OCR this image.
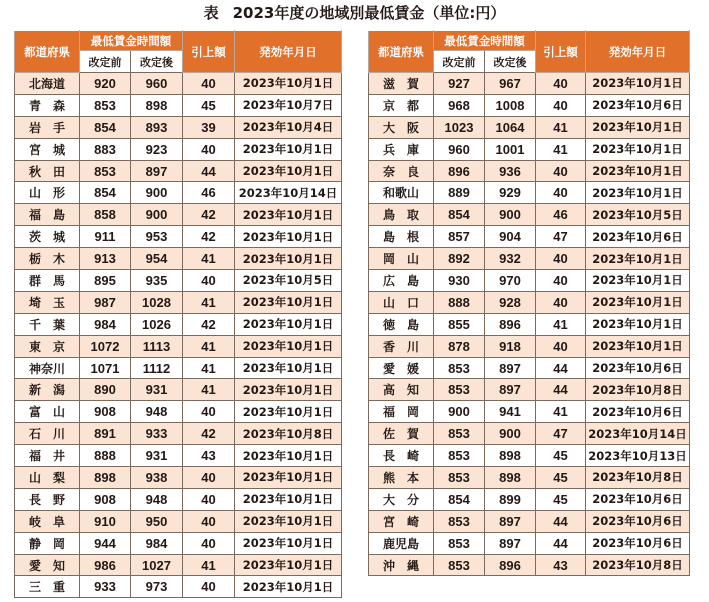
表 2023年度の地域別最低賃金（単位:円）
都道府県	最低賃金時間額		引上額	発効年月日
	改定前	改定後		
北海道	920	960	40	2023年10月1日
青　森	853	898	45	2023年10月7日
岩　手	854	893	39	2023年10月4日
宮　城	883	923	40	2023年10月1日
秋　田	853	897	44	2023年10月1日
山　形	854	900	46	2023年10月14日
福　島	858	900	42	2023年10月1日
茨　城	911	953	42	2023年10月1日
栃　木	913	954	41	2023年10月1日
群　馬	895	935	40	2023年10月5日
埼　玉	987	1028	41	2023年10月1日
千　葉	984	1026	42	2023年10月1日
東　京	1072	1113	41	2023年10月1日
神奈川	1071	1112	41	2023年10月1日
新　潟	890	931	41	2023年10月1日
富　山	908	948	40	2023年10月1日
石　川	891	933	42	2023年10月8日
福　井	888	931	43	2023年10月1日
山　梨	898	938	40	2023年10月1日
長　野	908	948	40	2023年10月1日
岐　阜	910	950	40	2023年10月1日
静　岡	944	984	40	2023年10月1日
愛　知	986	1027	41	2023年10月1日
三　重	933	973	40	2023年10月1日
都道府県	最低賃金時間額		引上額	発効年月日
	改定前	改定後		
滋　賀	927	967	40	2023年10月1日
京　都	968	1008	40	2023年10月6日
大　阪	1023	1064	41	2023年10月1日
兵　庫	960	1001	41	2023年10月1日
奈　良	896	936	40	2023年10月1日
和歌山	889	929	40	2023年10月1日
鳥　取	854	900	46	2023年10月5日
島　根	857	904	47	2023年10月6日
岡　山	892	932	40	2023年10月1日
広　島	930	970	40	2023年10月1日
山　口	888	928	40	2023年10月1日
徳　島	855	896	41	2023年10月1日
香　川	878	918	40	2023年10月1日
愛　媛	853	897	44	2023年10月6日
高　知	853	897	44	2023年10月8日
福　岡	900	941	41	2023年10月6日
佐　賀	853	900	47	2023年10月14日
長　崎	853	898	45	2023年10月13日
熊　本	853	898	45	2023年10月8日
大　分	854	899	45	2023年10月6日
宮　崎	853	897	44	2023年10月6日
鹿児島	853	897	44	2023年10月6日
沖　縄	853	896	43	2023年10月8日
